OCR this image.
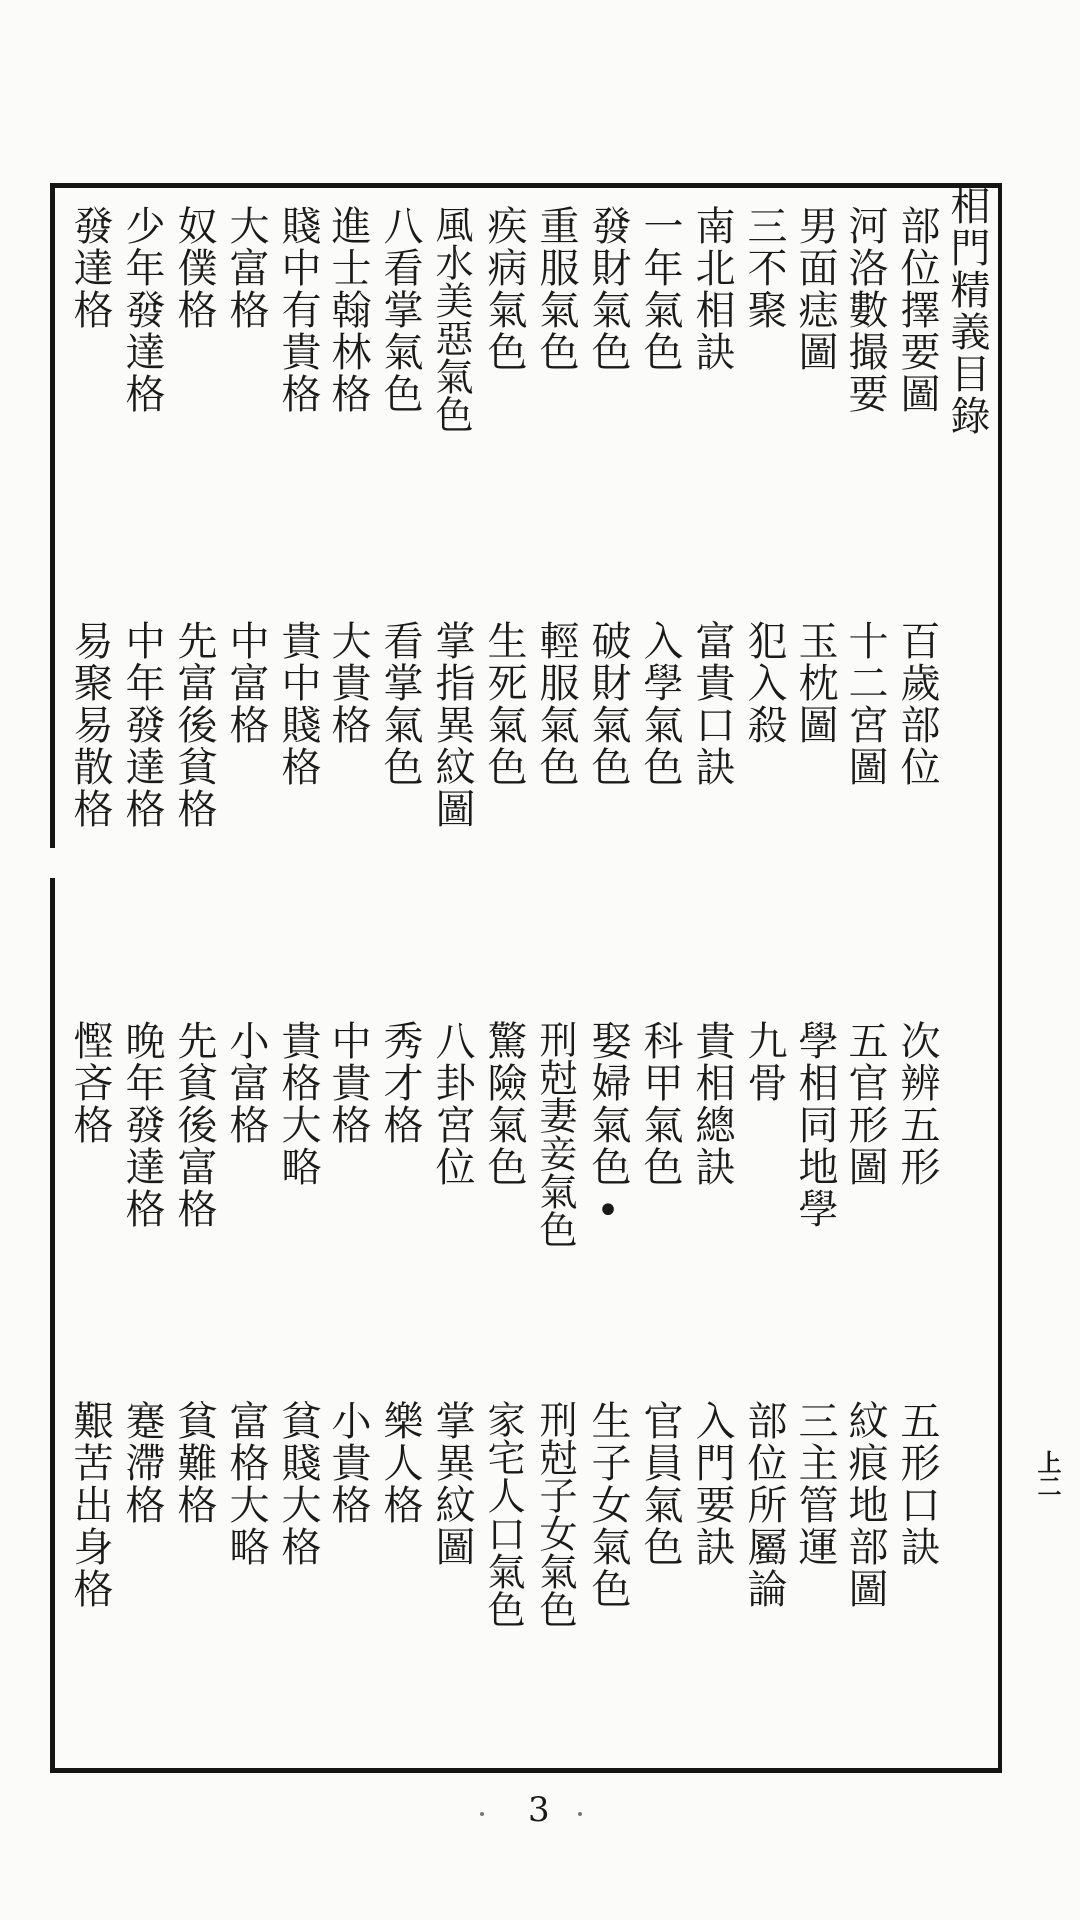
相門精義目錄
部位擇要圖
百歲部位
次辨五形
五形口訣
河洛數撮要
十二宮圖
五官形圖
紋痕地部圖
男面痣圖
玉枕圖
學相同地學
三主管運
三不聚
犯入殺
九骨
部位所屬論
南北相訣
富貴口訣
貴相總訣
入門要訣
一年氣色
入學氣色
科甲氣色
官員氣色
發財氣色
破財氣色
娶婦氣色•
生子女氣色
重服氣色
輕服氣色
刑尅妻妾氣色
刑尅子女氣色
疾病氣色
生死氣色
驚險氣色
家宅人口氣色
風水美惡氣色
掌指異紋圖
八卦宮位
掌異紋圖
八看掌氣色
看掌氣色
秀才格
樂人格
進士翰林格
大貴格
中貴格
小貴格
賤中有貴格
貴中賤格
貴格大略
貧賤大格
大富格
中富格
小富格
富格大略
奴僕格
先富後貧格
先貧後富格
貧難格
少年發達格
中年發達格
晚年發達格
蹇滯格
發達格
易聚易散格
慳吝格
艱苦出身格	上二
3
